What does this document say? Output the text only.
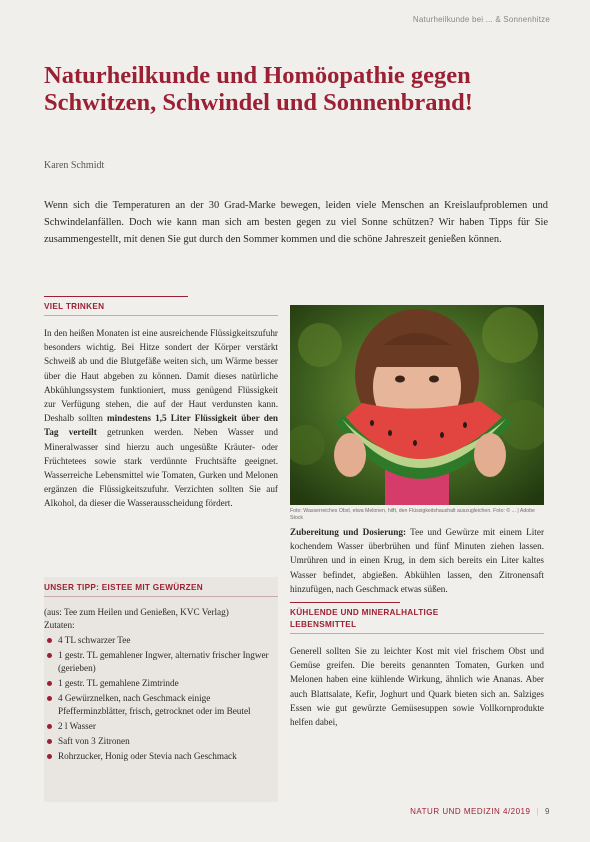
Naturheilkunde bei ... & Sonnenhitze
Naturheilkunde und Homöopathie gegen Schwitzen, Schwindel und Sonnenbrand!
Karen Schmidt

Wenn sich die Temperaturen an der 30 Grad-Marke bewegen, leiden viele Menschen an Kreislaufproblemen und Schwindelanfällen. Doch wie kann man sich am besten gegen zu viel Sonne schützen? Wir haben Tipps für Sie zusammengestellt, mit denen Sie gut durch den Sommer kommen und die schöne Jahreszeit genießen können.

VIEL TRINKEN

In den heißen Monaten ist eine ausreichende Flüssigkeitszufuhr besonders wichtig. Bei Hitze sondert der Körper verstärkt Schweiß ab und die Blutgefäße weiten sich, um Wärme besser über die Haut abgeben zu können. Damit dieses natürliche Abkühlungssystem funktioniert, muss genügend Flüssigkeit zur Verfügung stehen, die auf der Haut verdunsten kann. Deshalb sollten mindestens 1,5 Liter Flüssigkeit über den Tag verteilt getrunken werden. Neben Wasser und Mineralwasser sind hierzu auch ungesüßte Kräuter- oder Früchtetees sowie stark verdünnte Fruchtsäfte geeignet. Wasserreiche Lebensmittel wie Tomaten, Gurken und Melonen ergänzen die Flüssigkeitszufuhr. Verzichten sollten Sie auf Alkohol, da dieser die Wasserausscheidung fördert.

UNSER TIPP: EISTEE MIT GEWÜRZEN
(aus: Tee zum Heilen und Genießen, KVC Verlag)
Zutaten:
4 TL schwarzer Tee
1 gestr. TL gemahlener Ingwer, alternativ frischer Ingwer (gerieben)
1 gestr. TL gemahlene Zimtrinde
4 Gewürznelken, nach Geschmack einige Pfefferminzblätter, frisch, getrocknet oder im Beutel
2 l Wasser
Saft von 3 Zitronen
Rohrzucker, Honig oder Stevia nach Geschmack
Foto: Wasserreiches Obst, etwa Melonen, hilft, den Flüssigkeitshaushalt auszugleichen. Foto: © ... | Adobe Stock

Zubereitung und Dosierung: Tee und Gewürze mit einem Liter kochendem Wasser überbrühen und fünf Minuten ziehen lassen. Umrühren und in einen Krug, in dem sich bereits ein Liter kaltes Wasser befindet, abgießen. Abkühlen lassen, den Zitronensaft hinzufügen, nach Geschmack etwas süßen.

KÜHLENDE UND MINERALHALTIGE
LEBENSMITTEL

Generell sollten Sie zu leichter Kost mit viel frischem Obst und Gemüse greifen. Die bereits genannten Tomaten, Gurken und Melonen haben eine kühlende Wirkung, ähnlich wie Ananas. Aber auch Blattsalate, Kefir, Joghurt und Quark bieten sich an. Salziges Essen wie gut gewürzte Gemüsesuppen sowie Vollkornprodukte helfen dabei,

NATUR UND MEDIZIN 4/2019 | 9
